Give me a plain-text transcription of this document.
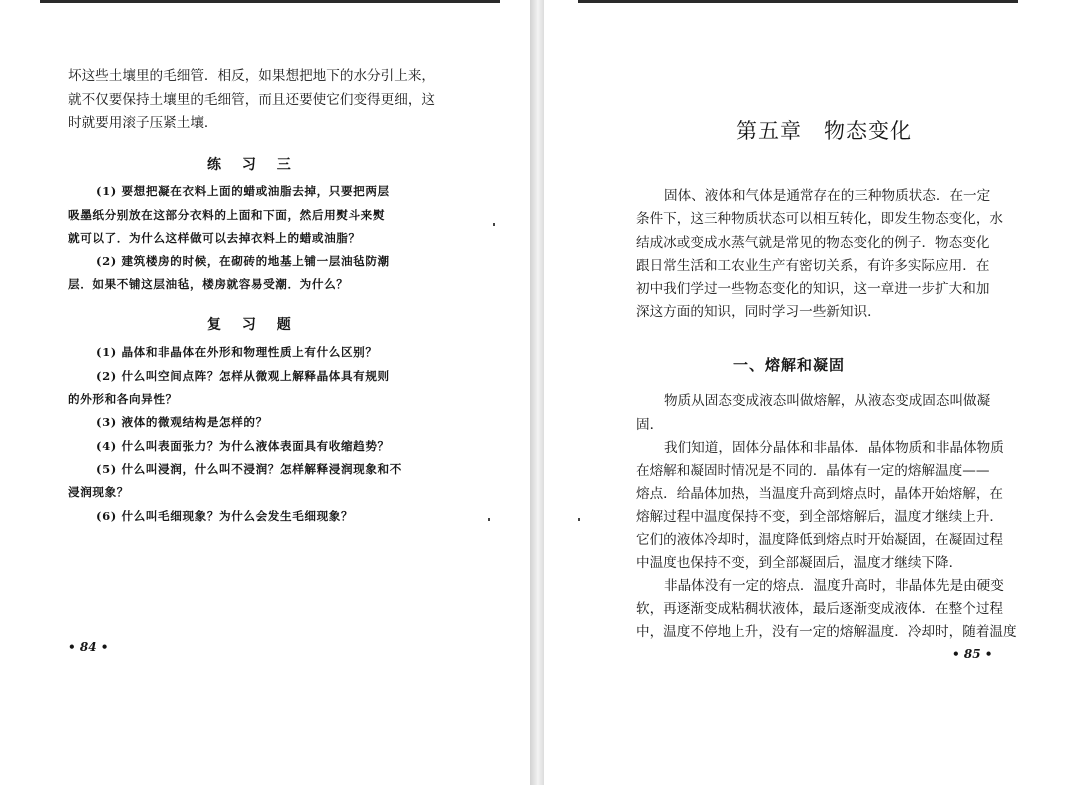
坏这些土壤里的毛细管．相反，如果想把地下的水分引上来，
就不仅要保持土壤里的毛细管，而且还要使它们变得更细，这
时就要用滚子压紧土壤．
练 习 三
(1) 要想把凝在衣料上面的蜡或油脂去掉，只要把两层
吸墨纸分别放在这部分衣料的上面和下面，然后用熨斗来熨
就可以了．为什么这样做可以去掉衣料上的蜡或油脂？
(2) 建筑楼房的时候，在砌砖的地基上铺一层油毡防潮
层．如果不铺这层油毡，楼房就容易受潮．为什么？
复 习 题
(1) 晶体和非晶体在外形和物理性质上有什么区别？
(2) 什么叫空间点阵？怎样从微观上解释晶体具有规则
的外形和各向异性？
(3) 液体的微观结构是怎样的？
(4) 什么叫表面张力？为什么液体表面具有收缩趋势？
(5) 什么叫浸润，什么叫不浸润？怎样解释浸润现象和不
浸润现象？
(6) 什么叫毛细现象？为什么会发生毛细现象？
• 84 •
第五章　物态变化
固体、液体和气体是通常存在的三种物质状态．在一定
条件下，这三种物质状态可以相互转化，即发生物态变化，水
结成冰或变成水蒸气就是常见的物态变化的例子．物态变化
跟日常生活和工农业生产有密切关系，有许多实际应用．在
初中我们学过一些物态变化的知识，这一章进一步扩大和加
深这方面的知识，同时学习一些新知识．
一、熔解和凝固
物质从固态变成液态叫做熔解，从液态变成固态叫做凝
固．
我们知道，固体分晶体和非晶体．晶体物质和非晶体物质
在熔解和凝固时情况是不同的．晶体有一定的熔解温度——
熔点．给晶体加热，当温度升高到熔点时，晶体开始熔解，在
熔解过程中温度保持不变，到全部熔解后，温度才继续上升．
它们的液体冷却时，温度降低到熔点时开始凝固，在凝固过程
中温度也保持不变，到全部凝固后，温度才继续下降．
非晶体没有一定的熔点．温度升高时，非晶体先是由硬变
软，再逐渐变成粘稠状液体，最后逐渐变成液体．在整个过程
中，温度不停地上升，没有一定的熔解温度．冷却时，随着温度
• 85 •
